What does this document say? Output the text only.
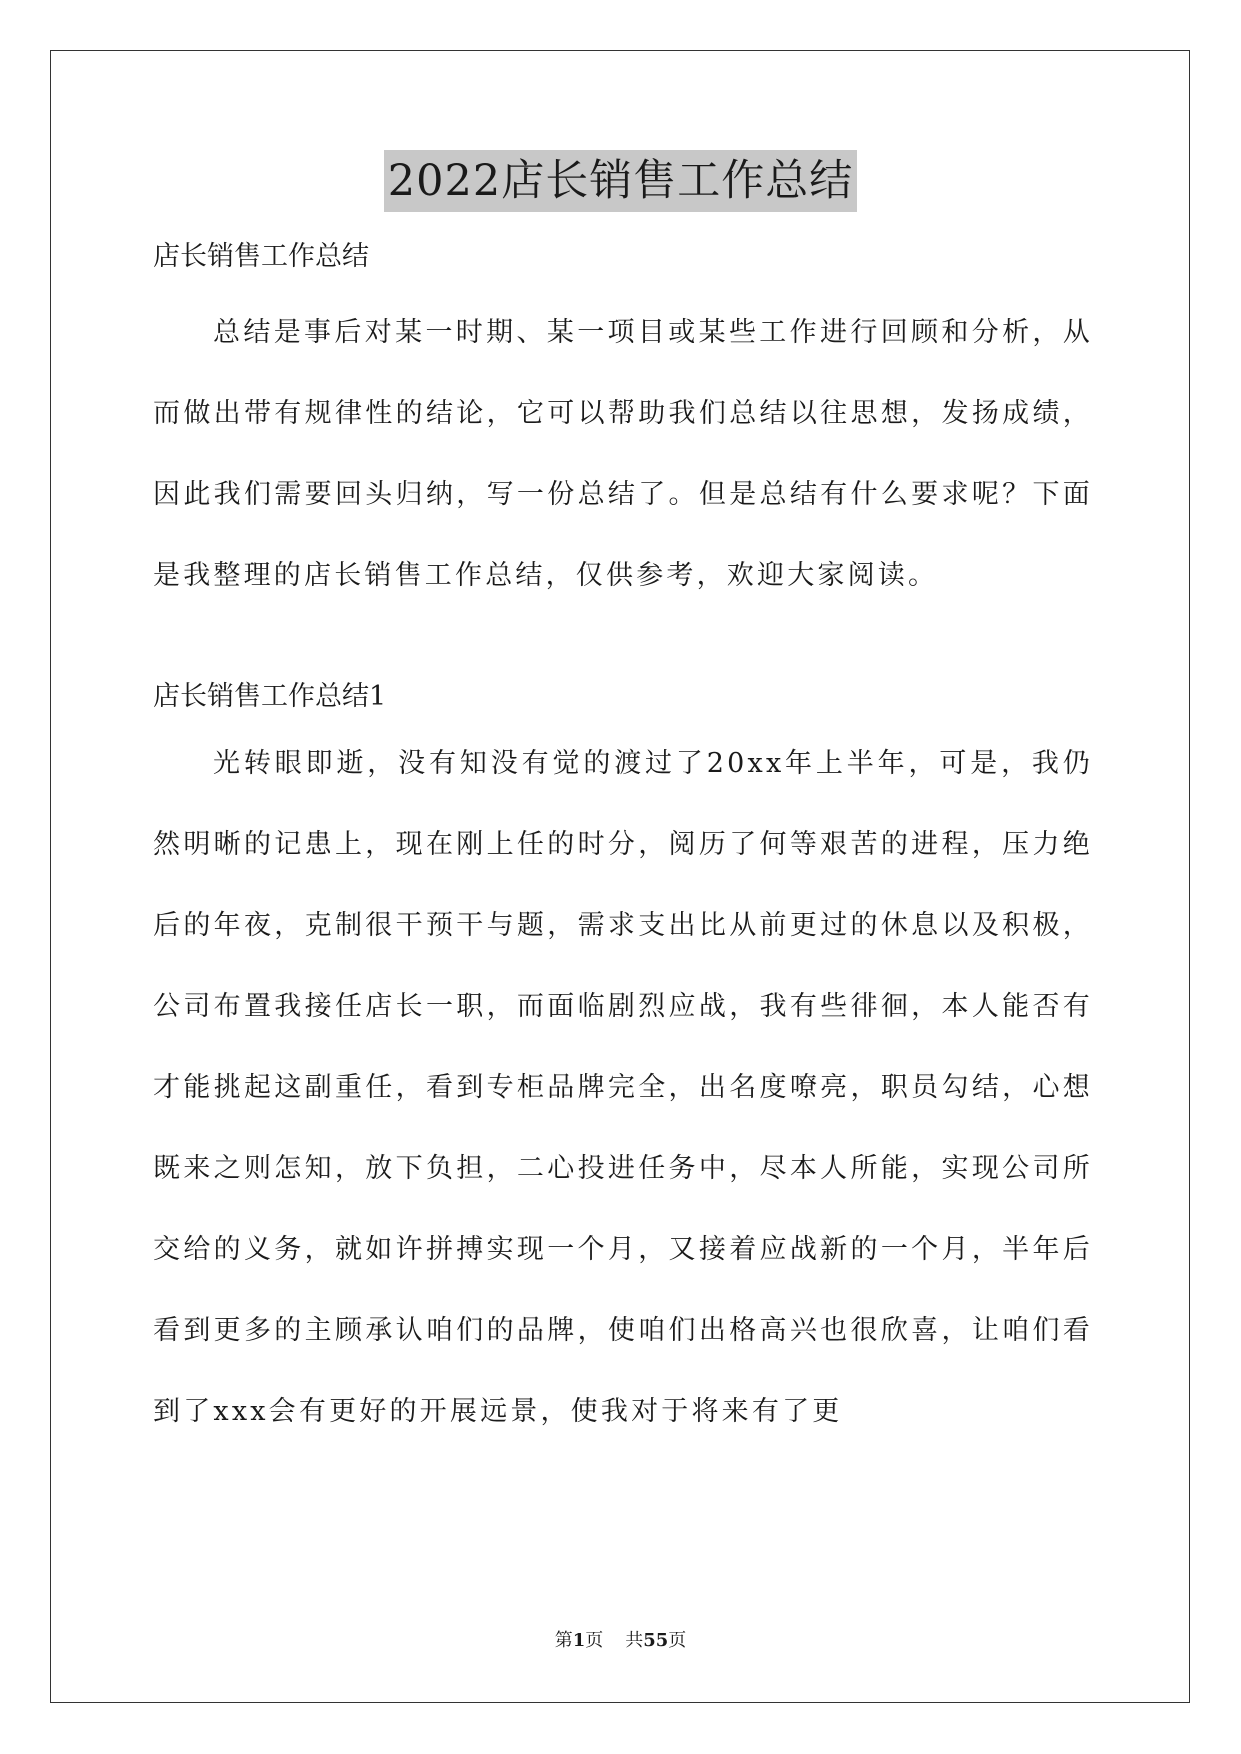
2022店长销售工作总结
店长销售工作总结

总结是事后对某一时期、某一项目或某些工作进行回顾和分析，从而做出带有规律性的结论，它可以帮助我们总结以往思想，发扬成绩，因此我们需要回头归纳，写一份总结了。但是总结有什么要求呢？下面是我整理的店长销售工作总结，仅供参考，欢迎大家阅读。

店长销售工作总结1

光转眼即逝，没有知没有觉的渡过了20xx年上半年，可是，我仍然明晰的记患上，现在刚上任的时分，阅历了何等艰苦的进程，压力绝后的年夜，克制很干预干与题，需求支出比从前更过的休息以及积极，公司布置我接任店长一职，而面临剧烈应战，我有些徘徊，本人能否有才能挑起这副重任，看到专柜品牌完全，出名度嘹亮，职员勾结，心想既来之则怎知，放下负担，二心投进任务中，尽本人所能，实现公司所交给的义务，就如许拼搏实现一个月，又接着应战新的一个月，半年后看到更多的主顾承认咱们的品牌，使咱们出格高兴也很欣喜，让咱们看到了xxx会有更好的开展远景，使我对于将来有了更

第1页 共55页
